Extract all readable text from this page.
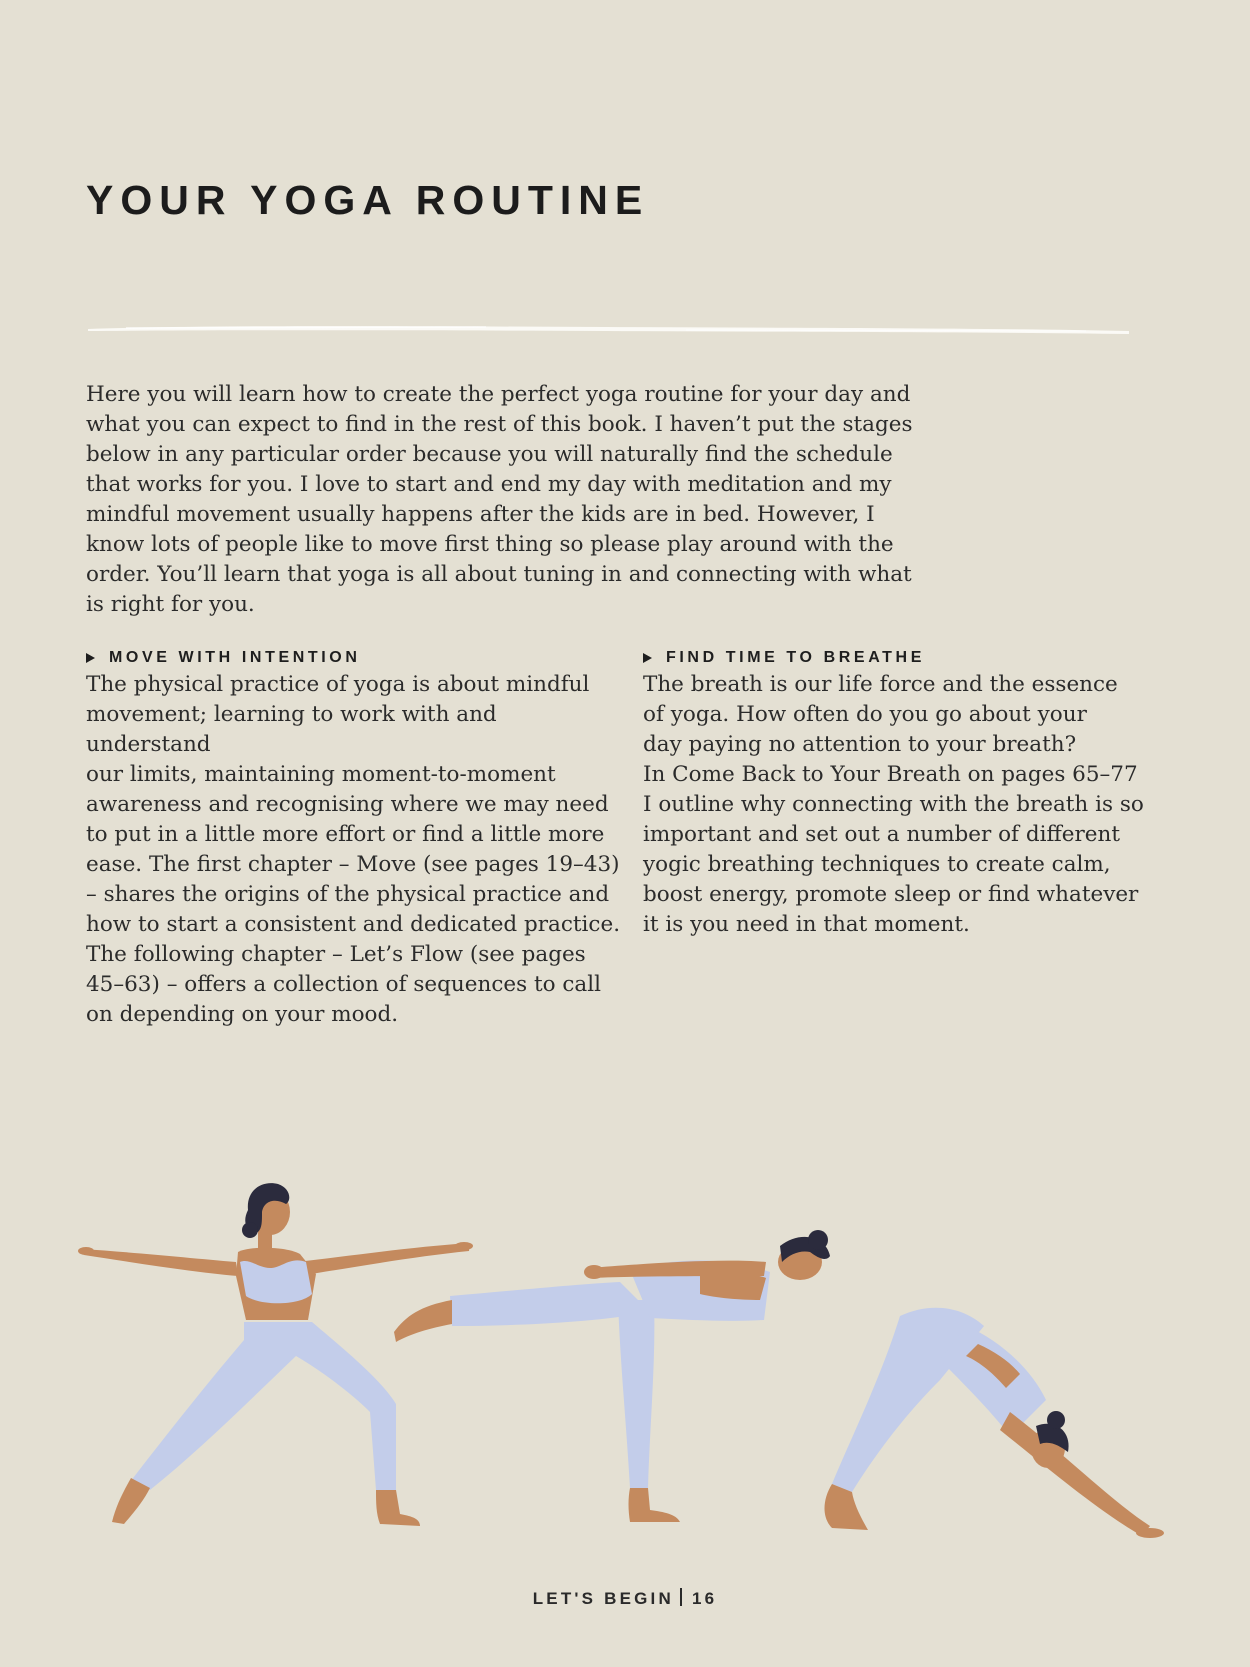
YOUR YOGA ROUTINE

Here you will learn how to create the perfect yoga routine for your day and what you can expect to find in the rest of this book. I haven’t put the stages below in any particular order because you will naturally find the schedule that works for you. I love to start and end my day with meditation and my mindful movement usually happens after the kids are in bed. However, I know lots of people like to move first thing so please play around with the order. You’ll learn that yoga is all about tuning in and connecting with what is right for you.

MOVE WITH INTENTION

The physical practice of yoga is about mindful
movement; learning to work with and understand
our limits, maintaining moment-to-moment
awareness and recognising where we may need
to put in a little more effort or find a little more
ease. The first chapter – Move (see pages 19–43)
– shares the origins of the physical practice and
how to start a consistent and dedicated practice.
The following chapter – Let’s Flow (see pages
45–63) – offers a collection of sequences to call
on depending on your mood.

FIND TIME TO BREATHE

The breath is our life force and the essence
of yoga. How often do you go about your
day paying no attention to your breath?
In Come Back to Your Breath on pages 65–77
I outline why connecting with the breath is so
important and set out a number of different
yogic breathing techniques to create calm,
boost energy, promote sleep or find whatever
it is you need in that moment.

LET'S BEGIN 16
